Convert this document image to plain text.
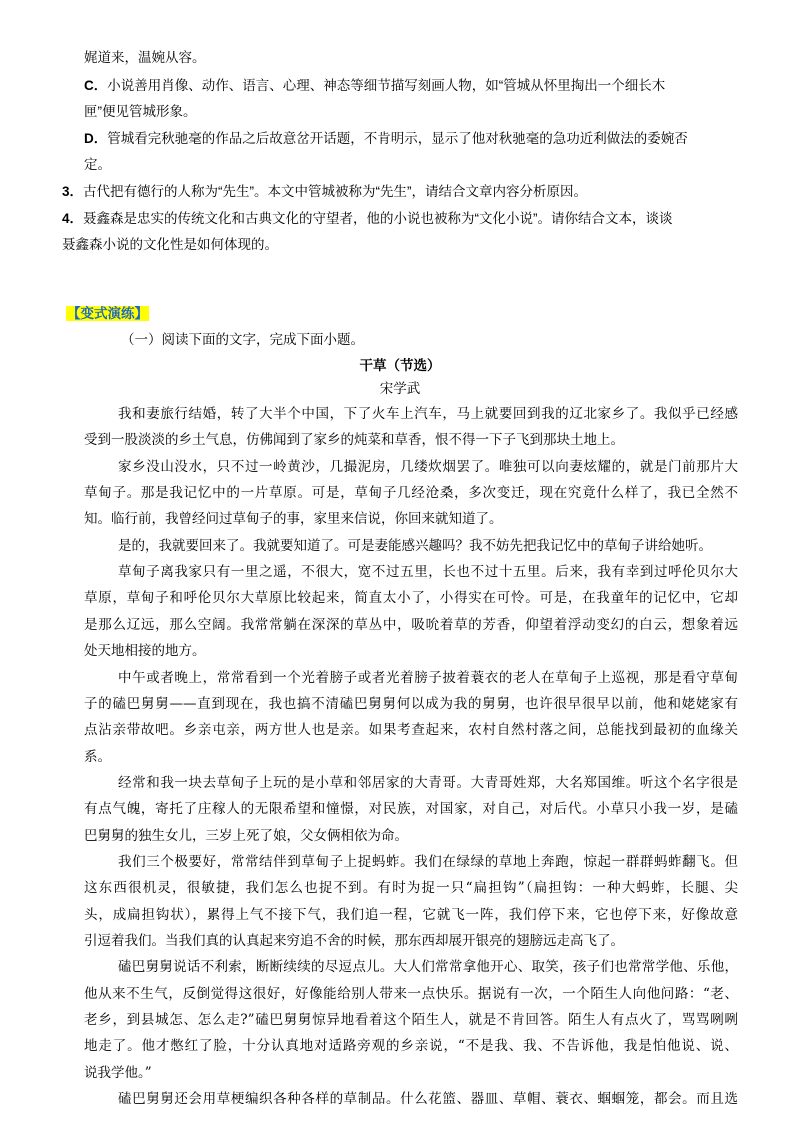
娓道来，温婉从容。
C．小说善用肖像、动作、语言、心理、神态等细节描写刻画人物，如“管城从怀里掏出一个细长木
匣”便见管城形象。
D．管城看完秋驰毫的作品之后故意岔开话题，不肯明示，显示了他对秋驰毫的急功近利做法的委婉否
定。
3．古代把有德行的人称为“先生”。本文中管城被称为“先生”，请结合文章内容分析原因。
4．聂鑫森是忠实的传统文化和古典文化的守望者，他的小说也被称为“文化小说”。请你结合文本，谈谈
聂鑫森小说的文化性是如何体现的。
【变式演练】
（一）阅读下面的文字，完成下面小题。
干草（节选）
宋学武
我和妻旅行结婚，转了大半个中国，下了火车上汽车，马上就要回到我的辽北家乡了。我似乎已经感
受到一股淡淡的乡土气息，仿佛闻到了家乡的炖菜和草香，恨不得一下子飞到那块土地上。
家乡没山没水，只不过一岭黄沙，几撮泥房，几缕炊烟罢了。唯独可以向妻炫耀的，就是门前那片大
草甸子。那是我记忆中的一片草原。可是，草甸子几经沧桑，多次变迁，现在究竟什么样了，我已全然不
知。临行前，我曾经问过草甸子的事，家里来信说，你回来就知道了。
是的，我就要回来了。我就要知道了。可是妻能感兴趣吗？我不妨先把我记忆中的草甸子讲给她听。
草甸子离我家只有一里之遥，不很大，宽不过五里，长也不过十五里。后来，我有幸到过呼伦贝尔大
草原，草甸子和呼伦贝尔大草原比较起来，简直太小了，小得实在可怜。可是，在我童年的记忆中，它却
是那么辽远，那么空阔。我常常躺在深深的草丛中，吸吮着草的芳香，仰望着浮动变幻的白云，想象着远
处天地相接的地方。
中午或者晚上，常常看到一个光着膀子或者光着膀子披着蓑衣的老人在草甸子上巡视，那是看守草甸
子的磕巴舅舅——直到现在，我也搞不清磕巴舅舅何以成为我的舅舅，也许很早很早以前，他和姥姥家有
点沾亲带故吧。乡亲屯亲，两方世人也是亲。如果考查起来，农村自然村落之间，总能找到最初的血缘关
系。
经常和我一块去草甸子上玩的是小草和邻居家的大青哥。大青哥姓郑，大名郑国维。听这个名字很是
有点气魄，寄托了庄稼人的无限希望和憧憬，对民族，对国家，对自己，对后代。小草只小我一岁，是磕
巴舅舅的独生女儿，三岁上死了娘，父女俩相依为命。
我们三个极要好，常常结伴到草甸子上捉蚂蚱。我们在绿绿的草地上奔跑，惊起一群群蚂蚱翻飞。但
这东西很机灵，很敏捷，我们怎么也捉不到。有时为捉一只“扁担钩”（扁担钩：一种大蚂蚱，长腿、尖
头，成扁担钩状），累得上气不接下气，我们追一程，它就飞一阵，我们停下来，它也停下来，好像故意
引逗着我们。当我们真的认真起来穷追不舍的时候，那东西却展开银亮的翅膀远走高飞了。
磕巴舅舅说话不利索，断断续续的尽逗点儿。大人们常常拿他开心、取笑，孩子们也常常学他、乐他，
他从来不生气，反倒觉得这很好，好像能给别人带来一点快乐。据说有一次，一个陌生人向他问路：“老、
老乡，到县城怎、怎么走?”磕巴舅舅惊异地看着这个陌生人，就是不肯回答。陌生人有点火了，骂骂咧咧
地走了。他才憋红了脸，十分认真地对适路旁观的乡亲说，“不是我、我、不告诉他，我是怕他说、说、
说我学他。”
磕巴舅舅还会用草梗编织各种各样的草制品。什么花篮、器皿、草帽、蓑衣、蝈蝈笼，都会。而且选
